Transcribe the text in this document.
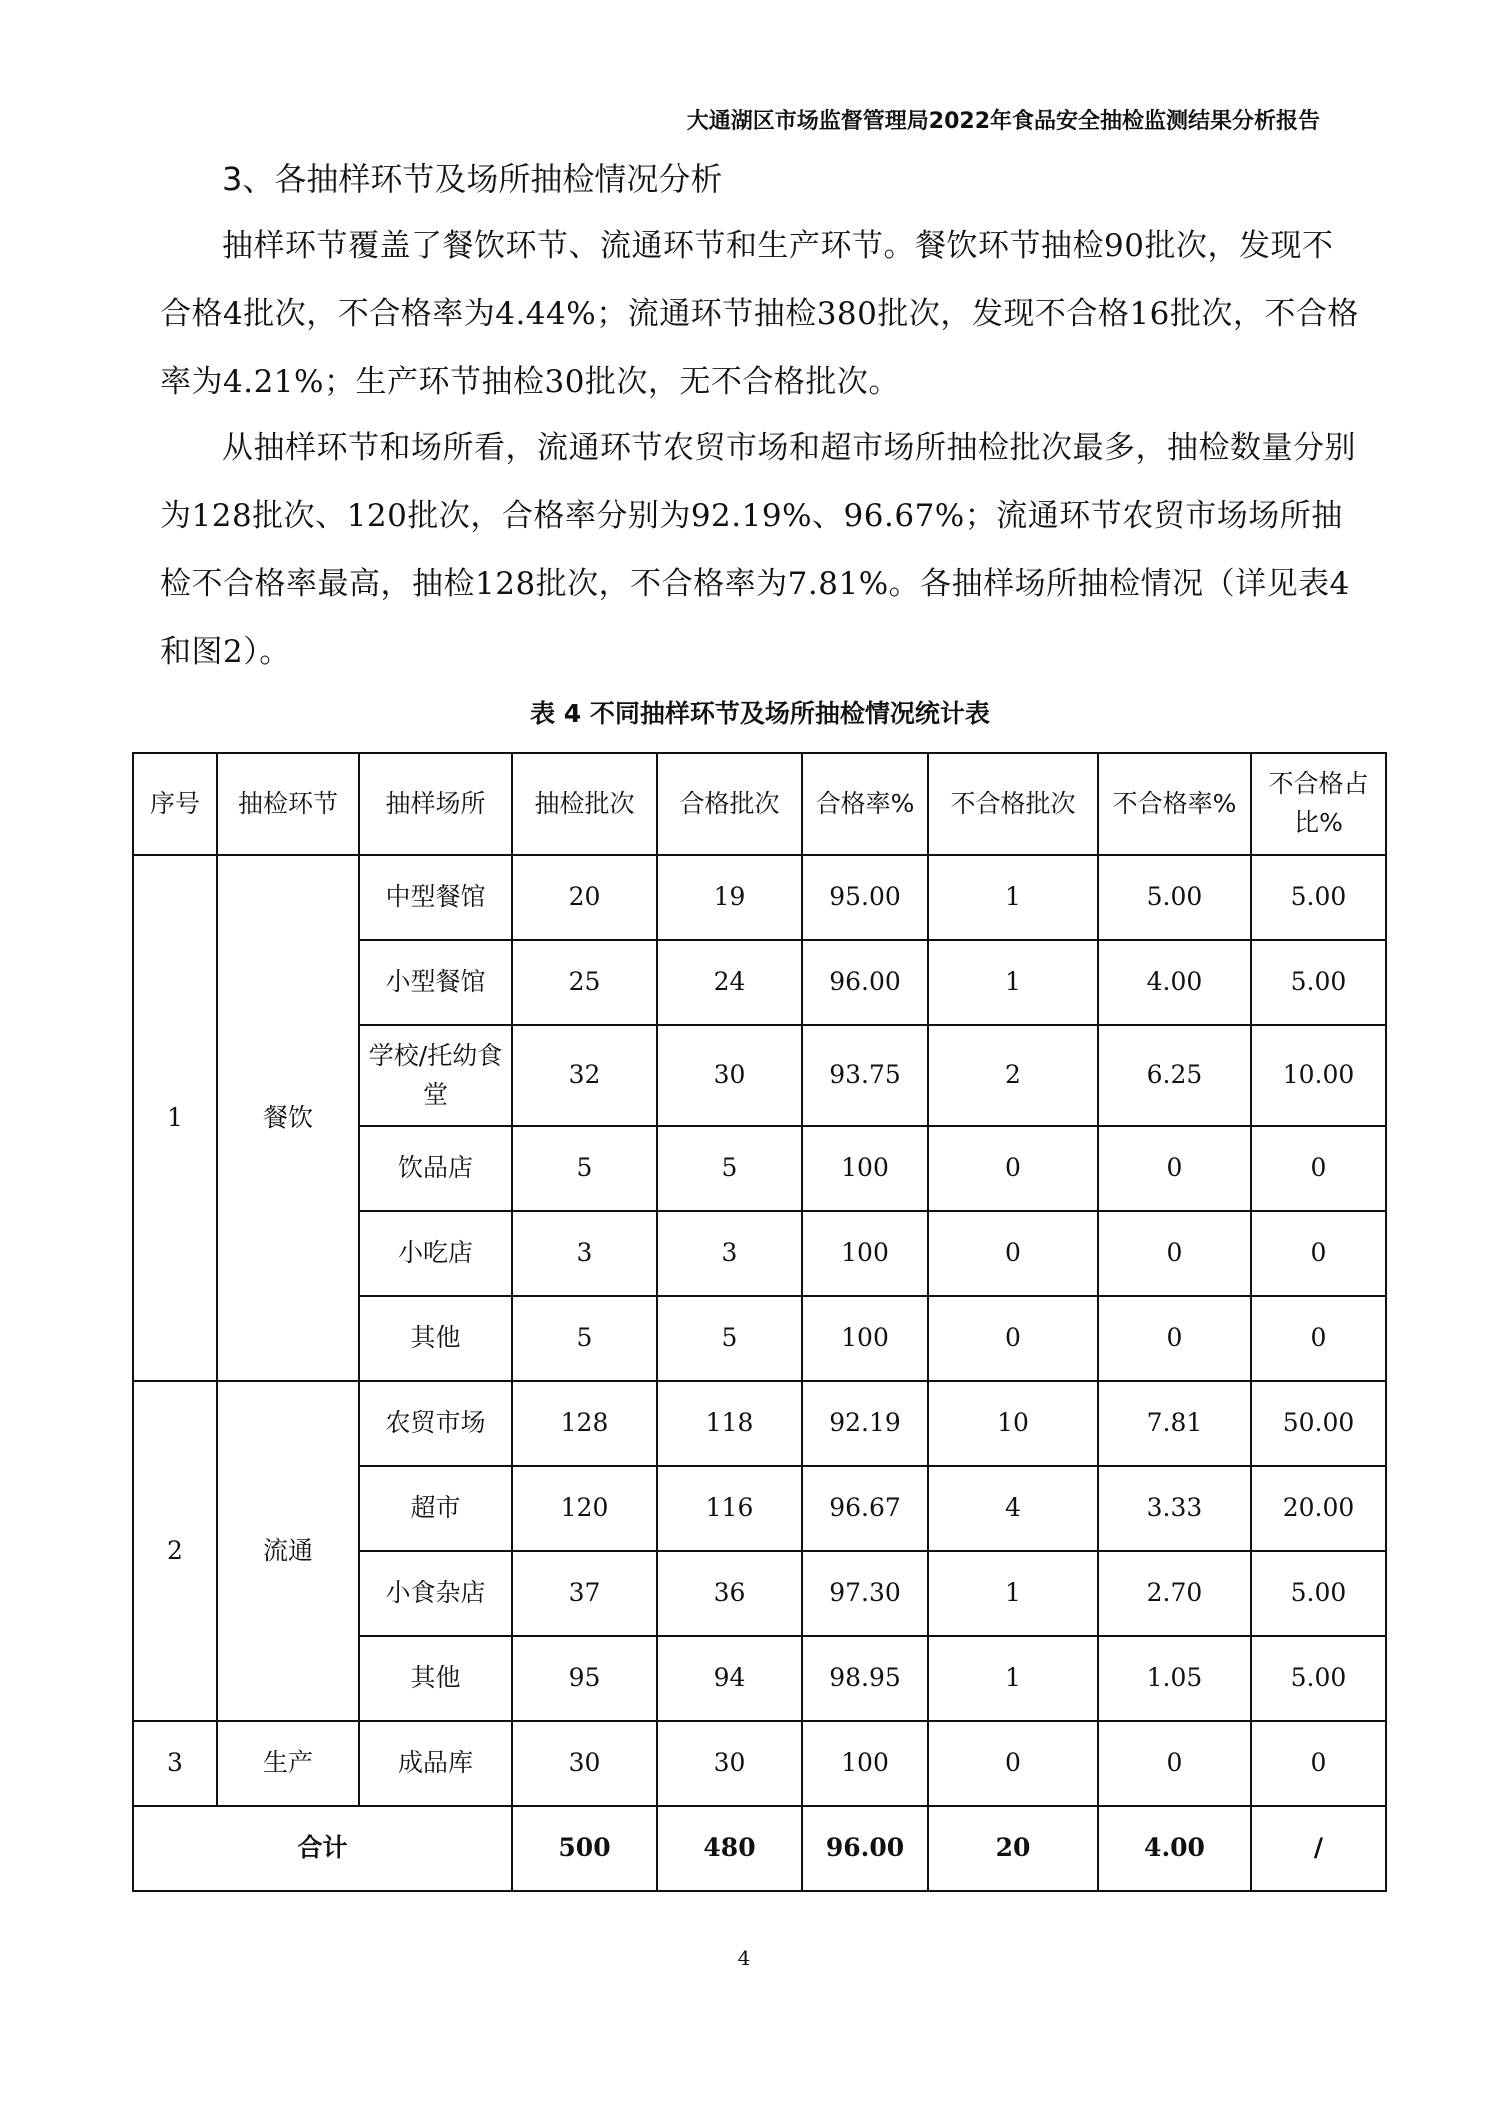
大通湖区市场监督管理局2022年食品安全抽检监测结果分析报告
3、各抽样环节及场所抽检情况分析

抽样环节覆盖了餐饮环节、流通环节和生产环节。餐饮环节抽检90批次，发现不合格4批次，不合格率为4.44%；流通环节抽检380批次，发现不合格16批次，不合格率为4.21%；生产环节抽检30批次，无不合格批次。

从抽样环节和场所看，流通环节农贸市场和超市场所抽检批次最多，抽检数量分别为128批次、120批次，合格率分别为92.19%、96.67%；流通环节农贸市场场所抽检不合格率最高，抽检128批次，不合格率为7.81%。各抽样场所抽检情况（详见表4和图2）。

表 4 不同抽样环节及场所抽检情况统计表
序号	抽检环节	抽样场所	抽检批次	合格批次	合格率%	不合格批次	不合格率%	不合格占比%
1	餐饮	中型餐馆	20	19	95.00	1	5.00	5.00
		小型餐馆	25	24	96.00	1	4.00	5.00
		学校/托幼食堂	32	30	93.75	2	6.25	10.00
		饮品店	5	5	100	0	0	0
		小吃店	3	3	100	0	0	0
		其他	5	5	100	0	0	0
2	流通	农贸市场	128	118	92.19	10	7.81	50.00
		超市	120	116	96.67	4	3.33	20.00
		小食杂店	37	36	97.30	1	2.70	5.00
		其他	95	94	98.95	1	1.05	5.00
3	生产	成品库	30	30	100	0	0	0
合计			500	480	96.00	20	4.00	/
4
